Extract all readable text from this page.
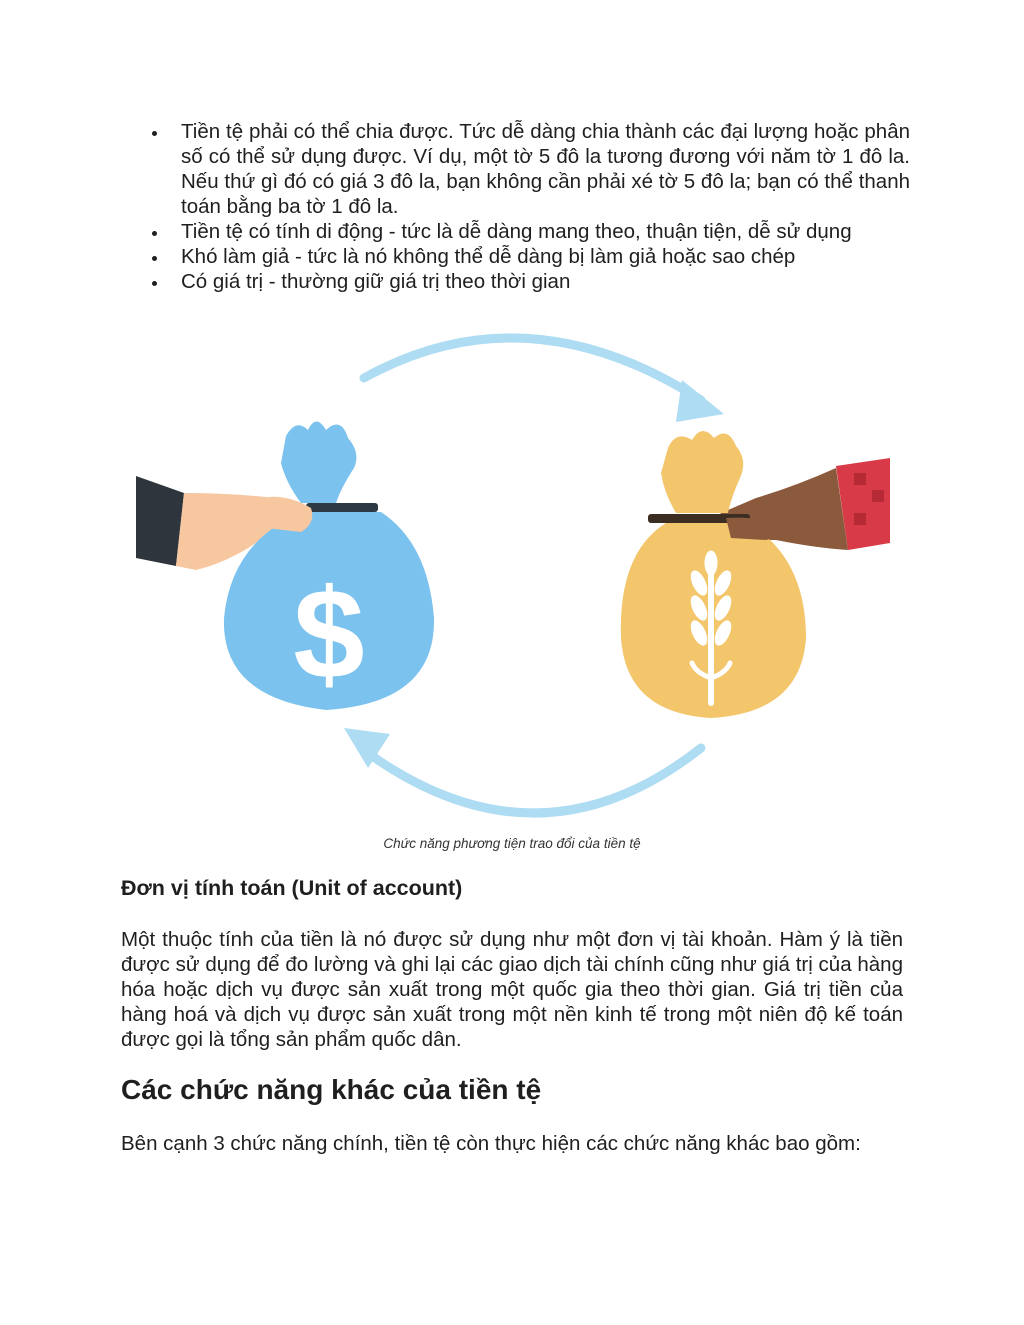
Tiền tệ phải có thể chia được. Tức dễ dàng chia thành các đại lượng hoặc phân số có thể sử dụng được. Ví dụ, một tờ 5 đô la tương đương với năm tờ 1 đô la. Nếu thứ gì đó có giá 3 đô la, bạn không cần phải xé tờ 5 đô la; bạn có thể thanh toán bằng ba tờ 1 đô la.
Tiền tệ có tính di động - tức là dễ dàng mang theo, thuận tiện, dễ sử dụng
Khó làm giả - tức là nó không thể dễ dàng bị làm giả hoặc sao chép
Có giá trị - thường giữ giá trị theo thời gian
$
Chức năng phương tiện trao đổi của tiền tệ
Đơn vị tính toán (Unit of account)

Một thuộc tính của tiền là nó được sử dụng như một đơn vị tài khoản. Hàm ý là tiền được sử dụng để đo lường và ghi lại các giao dịch tài chính cũng như giá trị của hàng hóa hoặc dịch vụ được sản xuất trong một quốc gia theo thời gian. Giá trị tiền của hàng hoá và dịch vụ được sản xuất trong một nền kinh tế trong một niên độ kế toán được gọi là tổng sản phẩm quốc dân.

Các chức năng khác của tiền tệ

Bên cạnh 3 chức năng chính, tiền tệ còn thực hiện các chức năng khác bao gồm:
